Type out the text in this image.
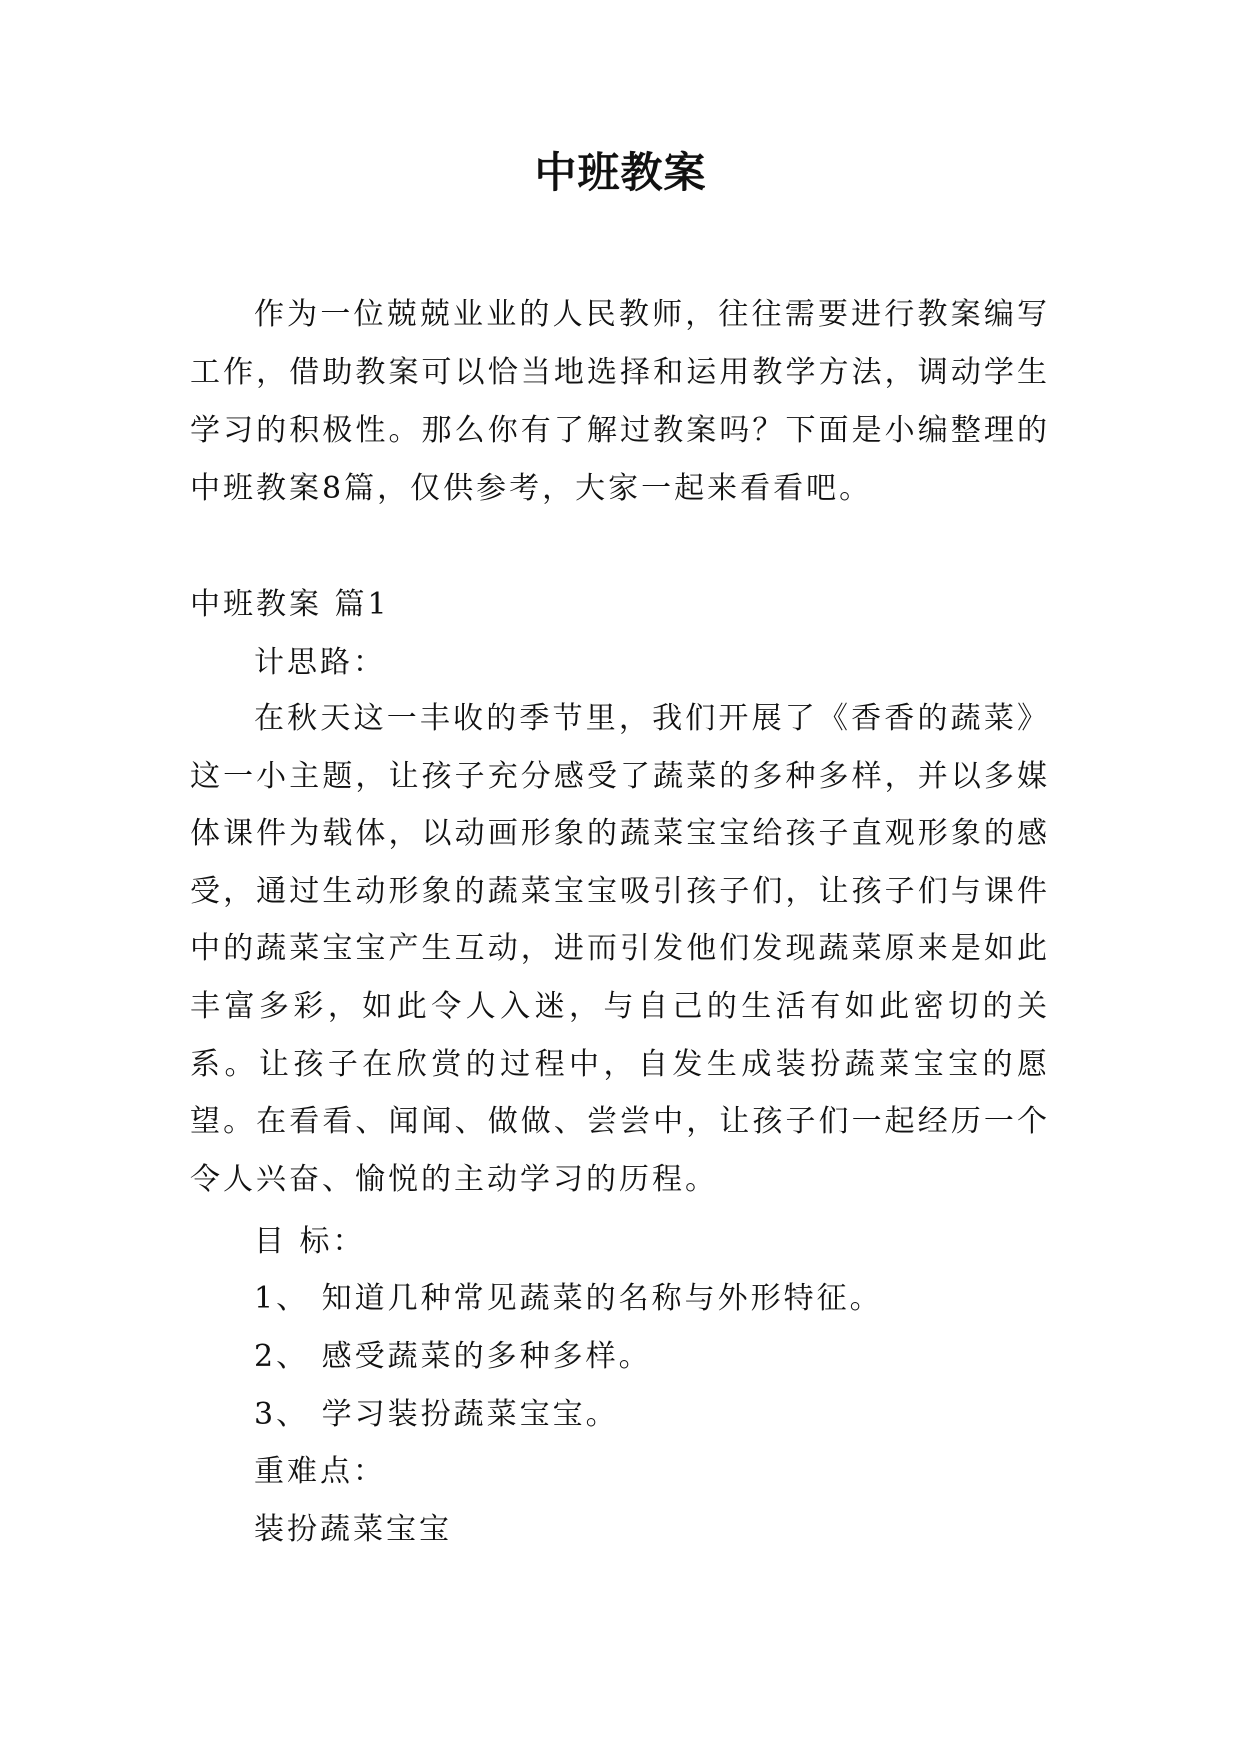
中班教案
作为一位兢兢业业的人民教师，往往需要进行教案编写工作，借助教案可以恰当地选择和运用教学方法，调动学生学习的积极性。那么你有了解过教案吗？下面是小编整理的中班教案8篇，仅供参考，大家一起来看看吧。
中班教案 篇1
计思路：
在秋天这一丰收的季节里，我们开展了《香香的蔬菜》这一小主题，让孩子充分感受了蔬菜的多种多样，并以多媒体课件为载体，以动画形象的蔬菜宝宝给孩子直观形象的感受，通过生动形象的蔬菜宝宝吸引孩子们，让孩子们与课件中的蔬菜宝宝产生互动，进而引发他们发现蔬菜原来是如此丰富多彩，如此令人入迷，与自己的生活有如此密切的关系。让孩子在欣赏的过程中，自发生成装扮蔬菜宝宝的愿望。在看看、闻闻、做做、尝尝中，让孩子们一起经历一个令人兴奋、愉悦的主动学习的历程。
目 标：
1、 知道几种常见蔬菜的名称与外形特征。
2、 感受蔬菜的多种多样。
3、 学习装扮蔬菜宝宝。
重难点：
装扮蔬菜宝宝
